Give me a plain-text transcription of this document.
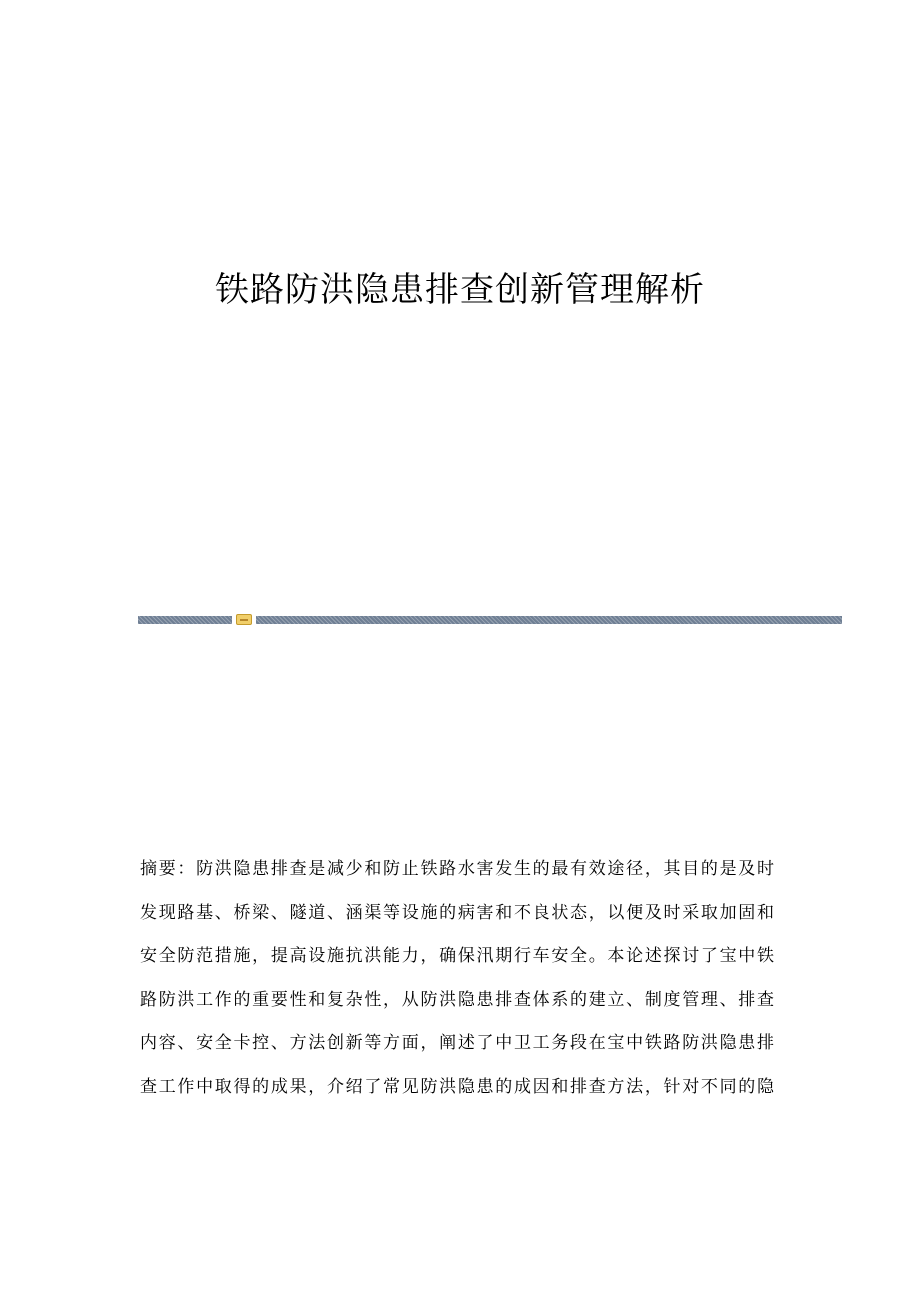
铁路防洪隐患排查创新管理解析

摘要：防洪隐患排查是减少和防止铁路水害发生的最有效途径，其目的是及时
发现路基、桥梁、隧道、涵渠等设施的病害和不良状态，以便及时采取加固和
安全防范措施，提高设施抗洪能力，确保汛期行车安全。本论述探讨了宝中铁
路防洪工作的重要性和复杂性，从防洪隐患排查体系的建立、制度管理、排查
内容、安全卡控、方法创新等方面，阐述了中卫工务段在宝中铁路防洪隐患排
查工作中取得的成果，介绍了常见防洪隐患的成因和排查方法，针对不同的隐
